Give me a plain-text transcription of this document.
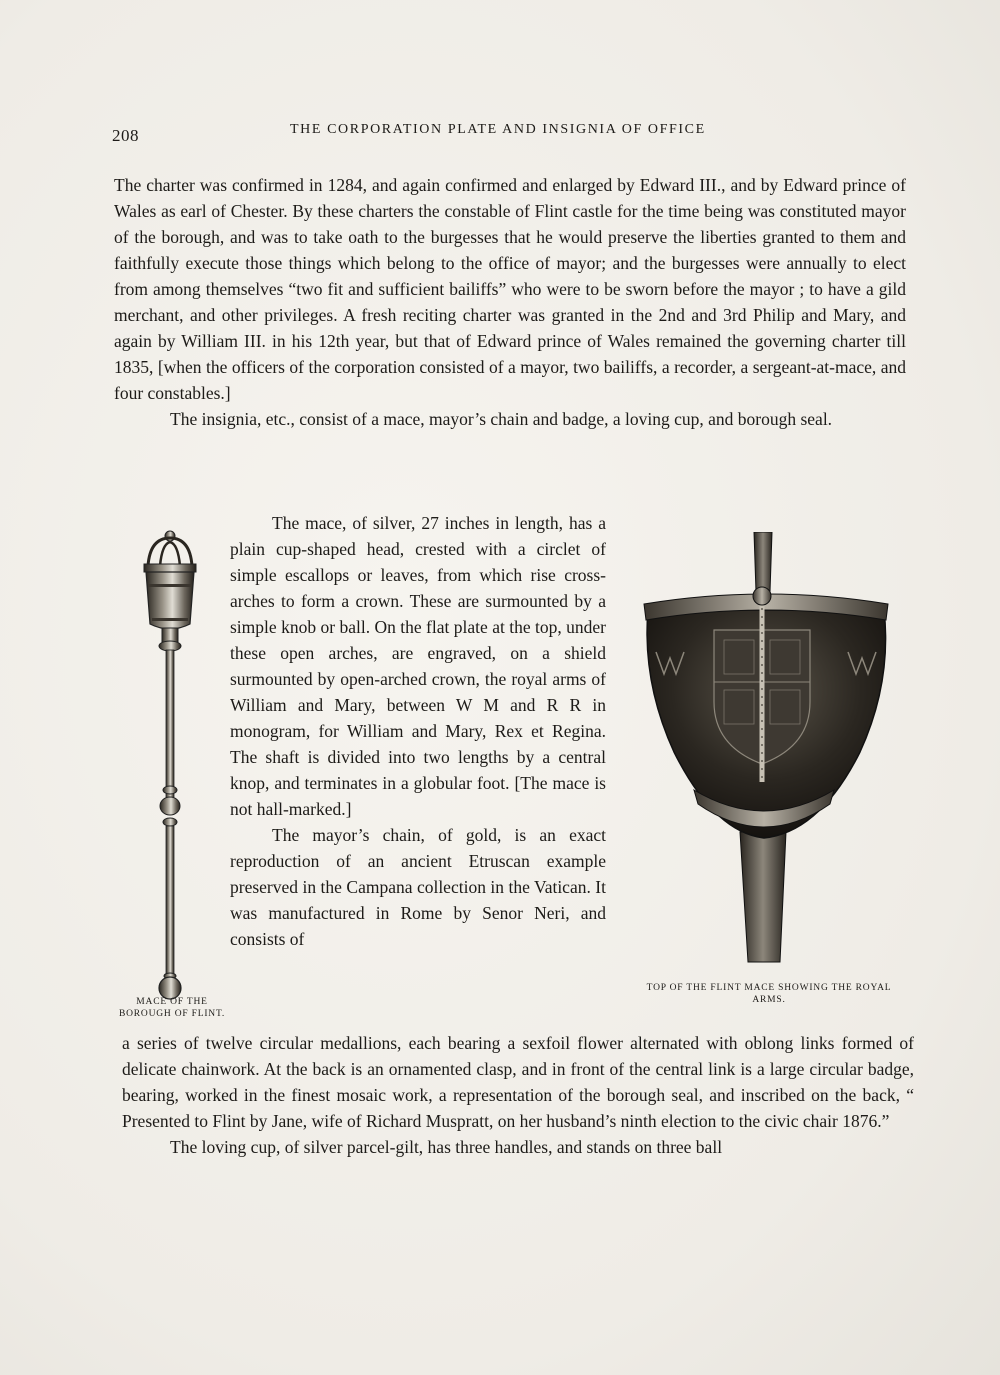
208	THE CORPORATION PLATE AND INSIGNIA OF OFFICE

The charter was confirmed in 1284, and again confirmed and enlarged by Edward III., and by Edward prince of Wales as earl of Chester. By these charters the constable of Flint castle for the time being was constituted mayor of the borough, and was to take oath to the burgesses that he would preserve the liberties granted to them and faithfully execute those things which belong to the office of mayor; and the burgesses were annually to elect from among themselves “two fit and sufficient bailiffs” who were to be sworn before the mayor ; to have a gild merchant, and other privileges. A fresh reciting charter was granted in the 2nd and 3rd Philip and Mary, and again by William III. in his 12th year, but that of Edward prince of Wales remained the governing charter till 1835, [when the officers of the corporation consisted of a mayor, two bailiffs, a recorder, a sergeant-at-mace, and four constables.]

The insignia, etc., consist of a mace, mayor’s chain and badge, a loving cup, and borough seal.

MACE OF THE BOROUGH OF FLINT.

The mace, of silver, 27 inches in length, has a plain cup-shaped head, crested with a circlet of simple escallops or leaves, from which rise cross-arches to form a crown. These are surmounted by a simple knob or ball. On the flat plate at the top, under these open arches, are engraved, on a shield surmounted by open-arched crown, the royal arms of William and Mary, between W M and R R in monogram, for William and Mary, Rex et Regina. The shaft is divided into two lengths by a central knop, and terminates in a globular foot. [The mace is not hall-marked.]

The mayor’s chain, of gold, is an exact reproduction of an ancient Etruscan example preserved in the Campana collection in the Vatican. It was manufactured in Rome by Senor Neri, and consists of

TOP OF THE FLINT MACE SHOWING THE ROYAL ARMS.

a series of twelve circular medallions, each bearing a sexfoil flower alternated with oblong links formed of delicate chainwork. At the back is an ornamented clasp, and in front of the central link is a large circular badge, bearing, worked in the finest mosaic work, a representation of the borough seal, and inscribed on the back, “ Presented to Flint by Jane, wife of Richard Muspratt, on her husband’s ninth election to the civic chair 1876.”

The loving cup, of silver parcel-gilt, has three handles, and stands on three ball
